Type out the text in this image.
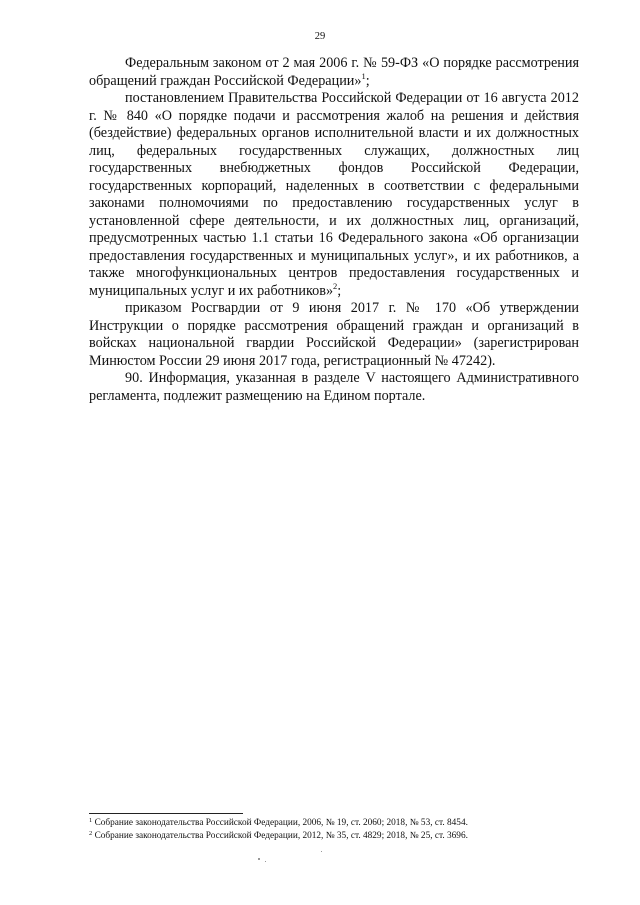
29

Федеральным законом от 2 мая 2006 г. № 59-ФЗ «О порядке рассмотрения обращений граждан Российской Федерации»$^1$;

постановлением Правительства Российской Федерации от 16 августа 2012 г. № 840 «О порядке подачи и рассмотрения жалоб на решения и действия (бездействие) федеральных органов исполнительной власти и их должностных лиц, федеральных государственных служащих, должностных лиц государственных внебюджетных фондов Российской Федерации, государственных корпораций, наделенных в соответствии с федеральными законами полномочиями по предоставлению государственных услуг в установленной сфере деятельности, и их должностных лиц, организаций, предусмотренных частью 1.1 статьи 16 Федерального закона «Об организации предоставления государственных и муниципальных услуг», и их работников, а также многофункциональных центров предоставления государственных и муниципальных услуг и их работников»$^2$;

приказом Росгвардии от 9 июня 2017 г. № 170 «Об утверждении Инструкции о порядке рассмотрения обращений граждан и организаций в войсках национальной гвардии Российской Федерации» (зарегистрирован Минюстом России 29 июня 2017 года, регистрационный № 47242).

90. Информация, указанная в разделе V настоящего Административного регламента, подлежит размещению на Едином портале.

$^1$ Собрание законодательства Российской Федерации, 2006, № 19, ст. 2060; 2018, № 53, ст. 8454.

$^2$ Собрание законодательства Российской Федерации, 2012, № 35, ст. 4829; 2018, № 25, ст. 3696.
